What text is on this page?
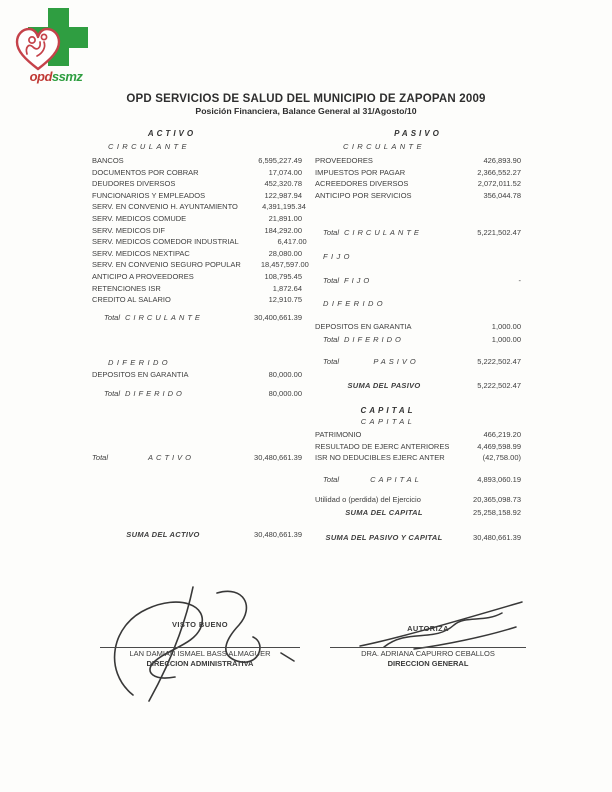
opdssmz
OPD SERVICIOS DE SALUD DEL MUNICIPIO DE ZAPOPAN 2009
Posición Financiera, Balance General al 31/Agosto/10
ACTIVO
CIRCULANTE
BANCOS	6,595,227.49
DOCUMENTOS POR COBRAR	17,074.00
DEUDORES DIVERSOS	452,320.78
FUNCIONARIOS Y EMPLEADOS	122,987.94
SERV. EN CONVENIO H. AYUNTAMIENTO	4,391,195.34
SERV. MEDICOS COMUDE	21,891.00
SERV. MEDICOS DIF	184,292.00
SERV. MEDICOS COMEDOR INDUSTRIAL	6,417.00
SERV. MEDICOS NEXTIPAC	28,080.00
SERV. EN CONVENIO SEGURO POPULAR	18,457,597.00
ANTICIPO A PROVEEDORES	108,795.45
RETENCIONES ISR	1,872.64
CREDITO AL SALARIO	12,910.75
Total CIRCULANTE	30,400,661.39
DIFERIDO
DEPOSITOS EN GARANTIA	80,000.00
Total DIFERIDO	80,000.00
Total	ACTIVO	30,480,661.39
SUMA DEL ACTIVO	30,480,661.39
PASIVO
CIRCULANTE
PROVEEDORES	426,893.90
IMPUESTOS POR PAGAR	2,366,552.27
ACREEDORES DIVERSOS	2,072,011.52
ANTICIPO POR SERVICIOS	356,044.78
Total CIRCULANTE	5,221,502.47
FIJO
Total FIJO	-
DIFERIDO
DEPOSITOS EN GARANTIA	1,000.00
Total DIFERIDO	1,000.00
Total	PASIVO	5,222,502.47
SUMA DEL PASIVO	5,222,502.47
CAPITAL
CAPITAL
PATRIMONIO	466,219.20
RESULTADO DE EJERC ANTERIORES	4,469,598.99
ISR NO DEDUCIBLES EJERC ANTER	(42,758.00)
Total	CAPITAL	4,893,060.19
Utilidad o (perdida) del Ejercicio	20,365,098.73
SUMA DEL CAPITAL	25,258,158.92
SUMA DEL PASIVO Y CAPITAL	30,480,661.39
VISTO BUENO
LAN DAMIAN ISMAEL BASS ALMAGUER
DIRECCION ADMINISTRATIVA
AUTORIZA
DRA. ADRIANA CAPURRO CEBALLOS
DIRECCION GENERAL
